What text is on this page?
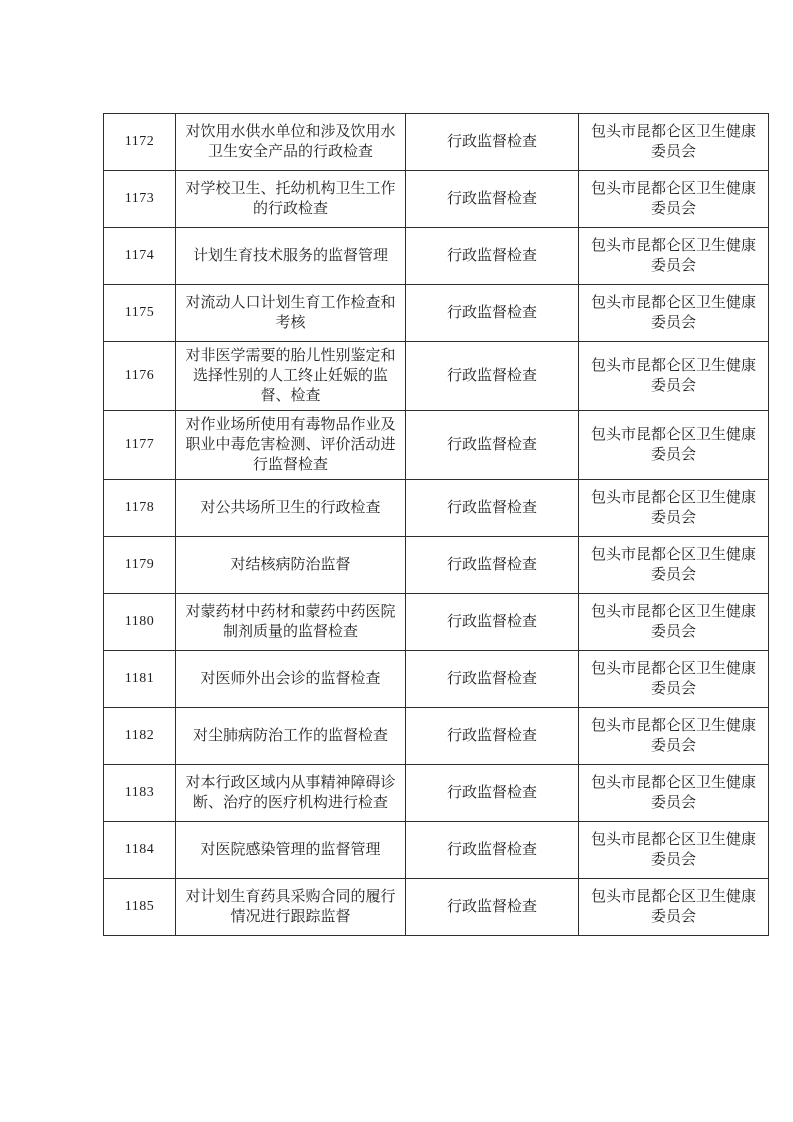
1172	对饮用水供水单位和涉及饮用水卫生安全产品的行政检查	行政监督检查	包头市昆都仑区卫生健康委员会
1173	对学校卫生、托幼机构卫生工作的行政检查	行政监督检查	包头市昆都仑区卫生健康委员会
1174	计划生育技术服务的监督管理	行政监督检查	包头市昆都仑区卫生健康委员会
1175	对流动人口计划生育工作检查和考核	行政监督检查	包头市昆都仑区卫生健康委员会
1176	对非医学需要的胎儿性别鉴定和选择性别的人工终止妊娠的监督、检查	行政监督检查	包头市昆都仑区卫生健康委员会
1177	对作业场所使用有毒物品作业及职业中毒危害检测、评价活动进行监督检查	行政监督检查	包头市昆都仑区卫生健康委员会
1178	对公共场所卫生的行政检查	行政监督检查	包头市昆都仑区卫生健康委员会
1179	对结核病防治监督	行政监督检查	包头市昆都仑区卫生健康委员会
1180	对蒙药材中药材和蒙药中药医院制剂质量的监督检查	行政监督检查	包头市昆都仑区卫生健康委员会
1181	对医师外出会诊的监督检查	行政监督检查	包头市昆都仑区卫生健康委员会
1182	对尘肺病防治工作的监督检查	行政监督检查	包头市昆都仑区卫生健康委员会
1183	对本行政区域内从事精神障碍诊断、治疗的医疗机构进行检查	行政监督检查	包头市昆都仑区卫生健康委员会
1184	对医院感染管理的监督管理	行政监督检查	包头市昆都仑区卫生健康委员会
1185	对计划生育药具采购合同的履行情况进行跟踪监督	行政监督检查	包头市昆都仑区卫生健康委员会
